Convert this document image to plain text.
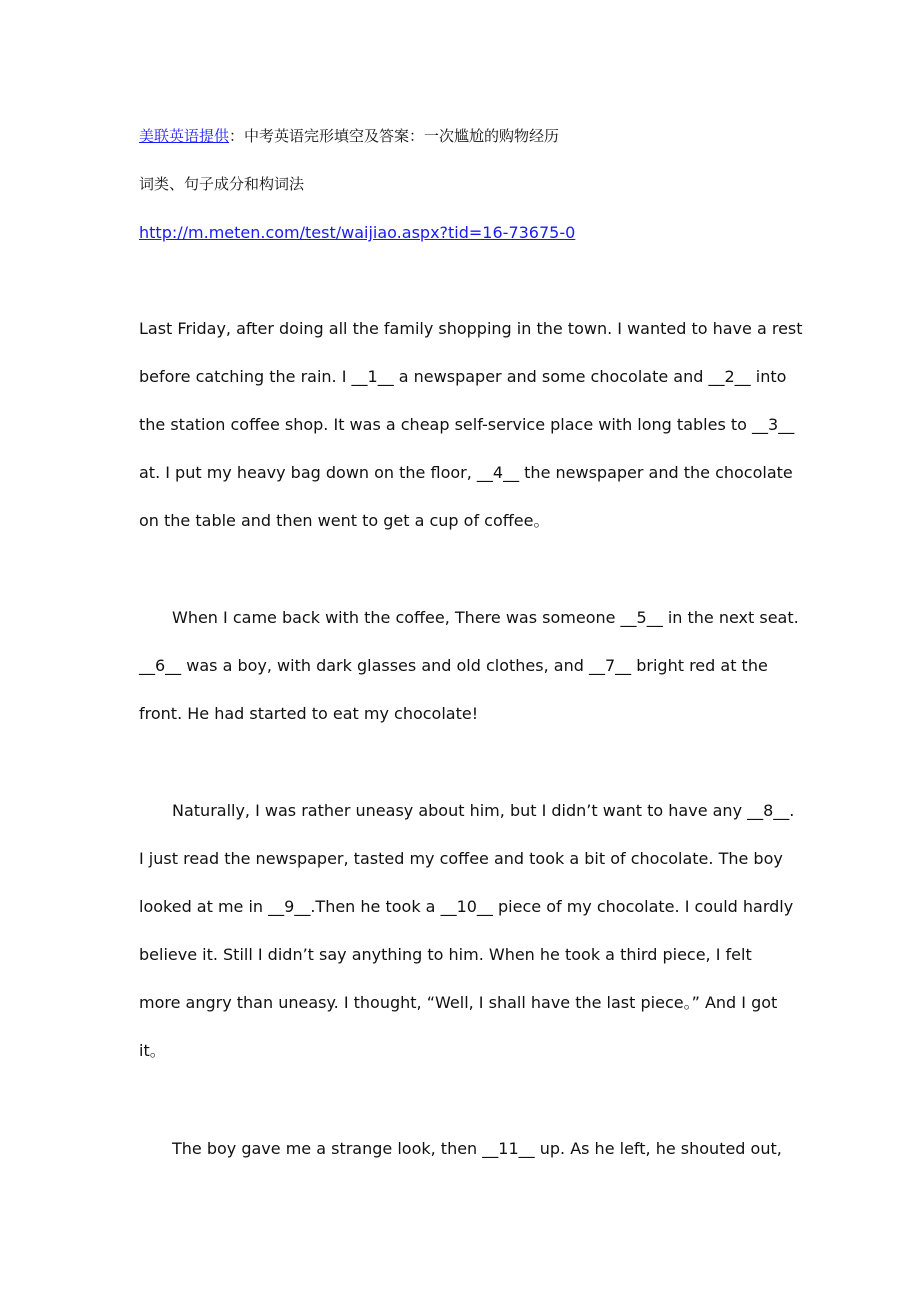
美联英语提供：中考英语完形填空及答案：一次尴尬的购物经历
词类、句子成分和构词法
http://m.meten.com/test/waijiao.aspx?tid=16-73675-0
Last Friday, after doing all the family shopping in the town. I wanted to have a rest
before catching the rain. I __1__ a newspaper and some chocolate and __2__ into
the station coffee shop. It was a cheap self-service place with long tables to __3__
at. I put my heavy bag down on the floor, __4__ the newspaper and the chocolate
on the table and then went to get a cup of coffee。
When I came back with the coffee, There was someone __5__ in the next seat.
__6__ was a boy, with dark glasses and old clothes, and __7__ bright red at the
front. He had started to eat my chocolate!
Naturally, I was rather uneasy about him, but I didn’t want to have any __8__.
I just read the newspaper, tasted my coffee and took a bit of chocolate. The boy
looked at me in __9__.Then he took a __10__ piece of my chocolate. I could hardly
believe it. Still I didn’t say anything to him. When he took a third piece, I felt
more angry than uneasy. I thought, “Well, I shall have the last piece。” And I got
it。
The boy gave me a strange look, then __11__ up. As he left, he shouted out,
